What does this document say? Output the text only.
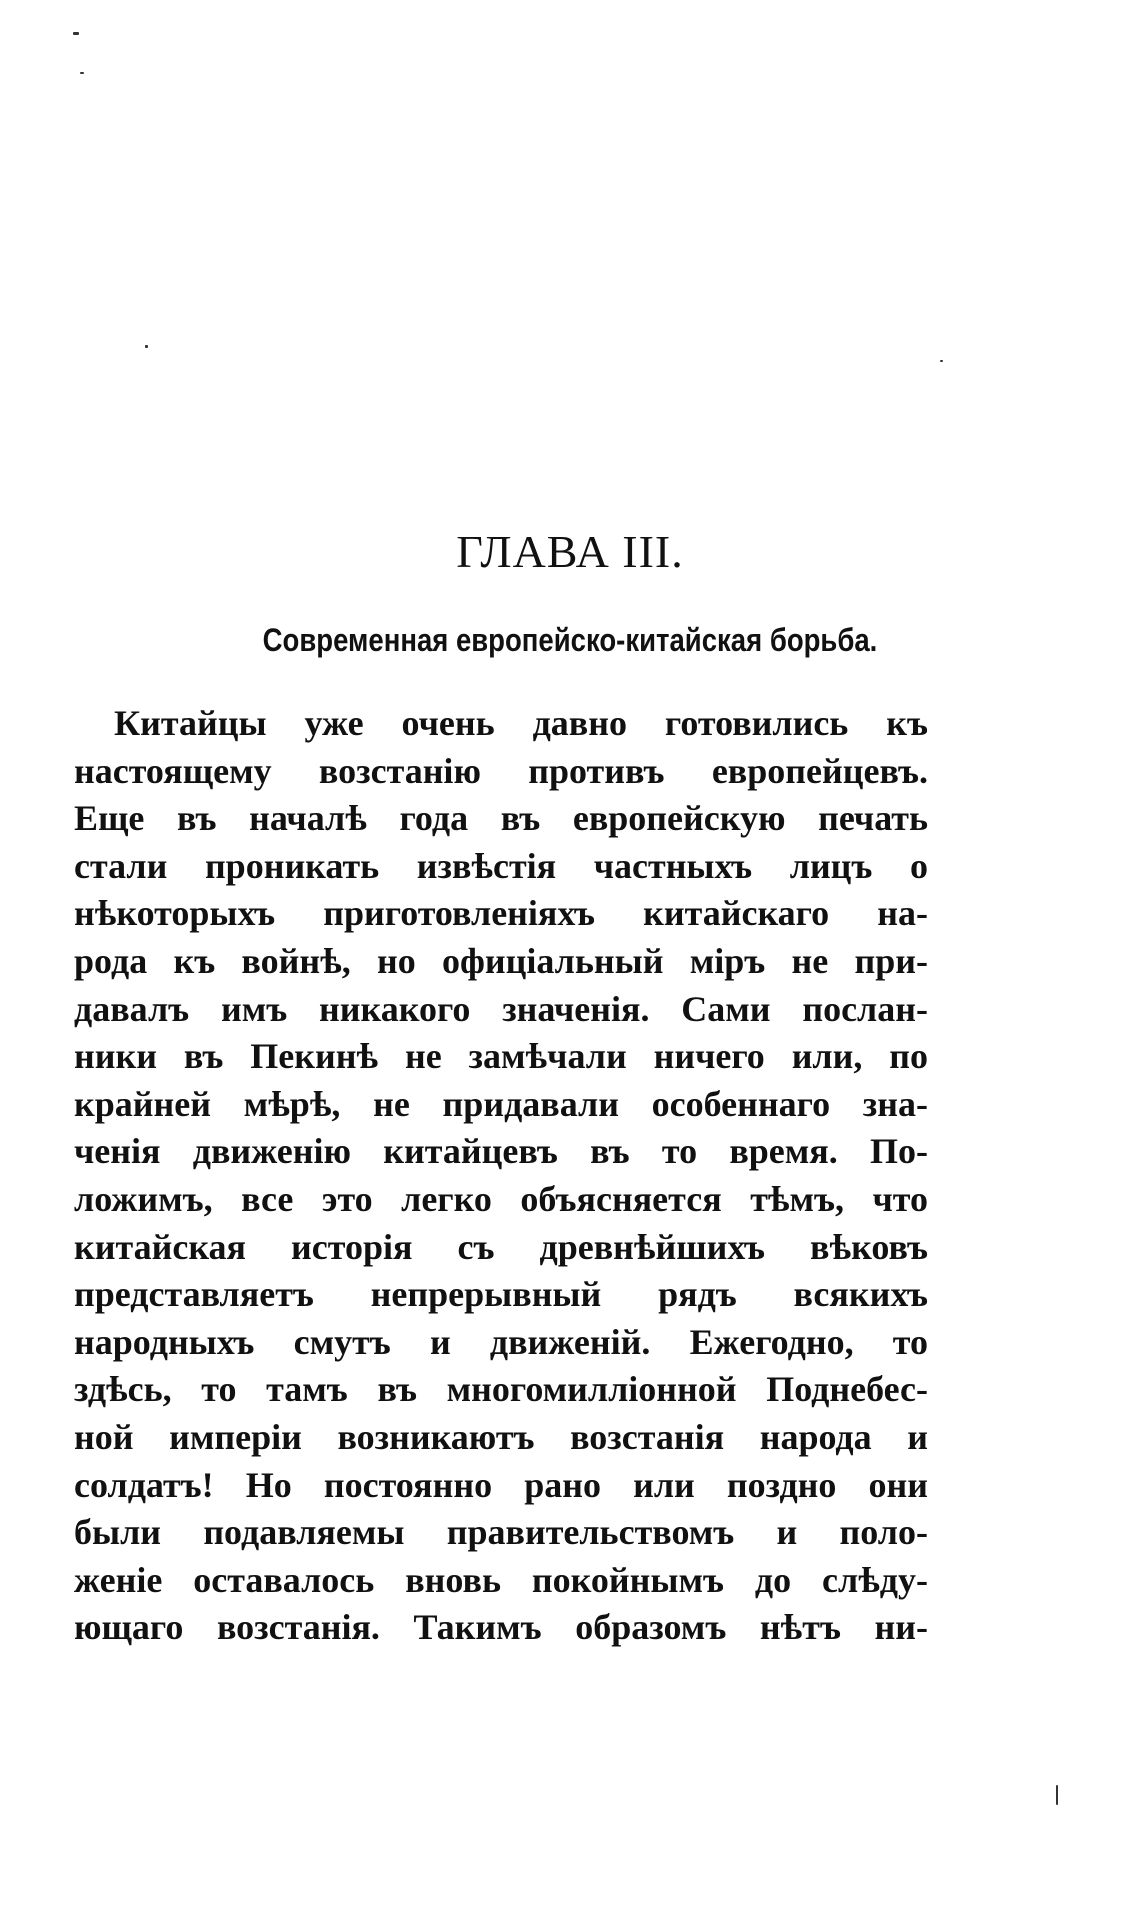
ГЛАВА III.
Современная европейско-китайская борьба.
Китайцы уже очень давно готовились къ
настоящему возстанію противъ европейцевъ.
Еще въ началѣ года въ европейскую печать
стали проникать извѣстія частныхъ лицъ о
нѣкоторыхъ приготовленіяхъ китайскаго на-
рода къ войнѣ, но офиціальный міръ не при-
давалъ имъ никакого значенія. Сами послан-
ники въ Пекинѣ не замѣчали ничего или, по
крайней мѣрѣ, не придавали особеннаго зна-
ченія движенію китайцевъ въ то время. По-
ложимъ, все это легко объясняется тѣмъ, что
китайская исторія съ древнѣйшихъ вѣковъ
представляетъ непрерывный рядъ всякихъ
народныхъ смутъ и движеній. Ежегодно, то
здѣсь, то тамъ въ многомилліонной Поднебес-
ной имперіи возникаютъ возстанія народа и
солдатъ! Но постоянно рано или поздно они
были подавляемы правительствомъ и поло-
женіе оставалось вновь покойнымъ до слѣду-
ющаго возстанія. Такимъ образомъ нѣтъ ни-
